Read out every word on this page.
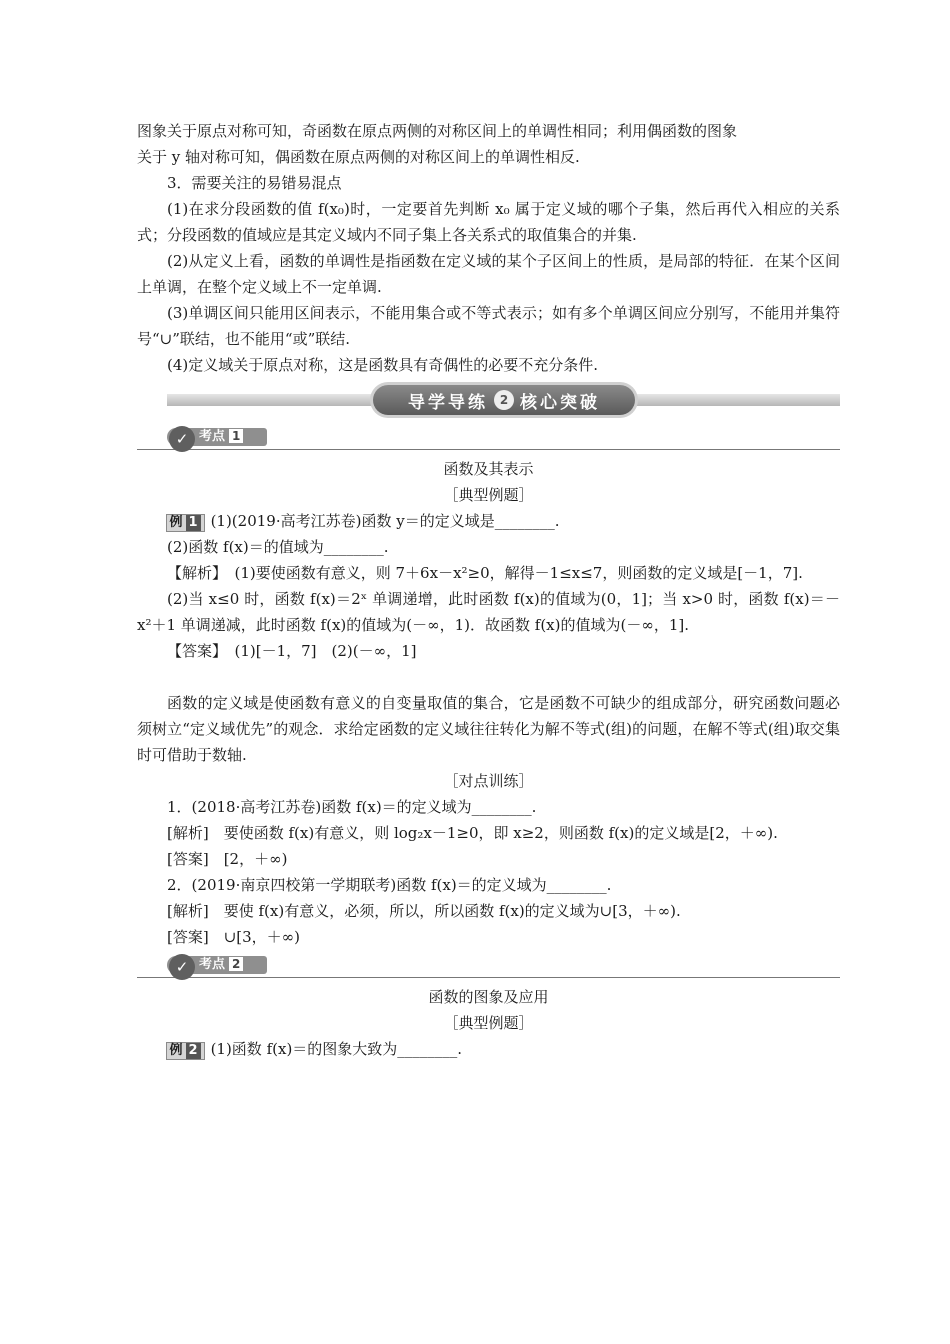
图象关于原点对称可知，奇函数在原点两侧的对称区间上的单调性相同；利用偶函数的图象

关于 y 轴对称可知，偶函数在原点两侧的对称区间上的单调性相反.

3．需要关注的易错易混点

(1)在求分段函数的值 f(x₀)时，一定要首先判断 x₀ 属于定义域的哪个子集，然后再代入相应的关系式；分段函数的值域应是其定义域内不同子集上各关系式的取值集合的并集.

(2)从定义上看，函数的单调性是指函数在定义域的某个子区间上的性质，是局部的特征．在某个区间上单调，在整个定义域上不一定单调.

(3)单调区间只能用区间表示，不能用集合或不等式表示；如有多个单调区间应分别写，不能用并集符号“∪”联结，也不能用“或”联结.

(4)定义域关于原点对称，这是函数具有奇偶性的必要不充分条件.

导学导练 2 核心突破
考点 1
✓

函数及其表示

［典型例题］

例 1 (1)(2019·高考江苏卷)函数 y＝的定义域是________.

(2)函数 f(x)＝的值域为________.

【解析】　(1)要使函数有意义，则 7＋6x－x²≥0，解得－1≤x≤7，则函数的定义域是[－1，7].

(2)当 x≤0 时，函数 f(x)＝2ˣ 单调递增，此时函数 f(x)的值域为(0，1]；当 x>0 时，函数 f(x)＝－x²＋1 单调递减，此时函数 f(x)的值域为(－∞，1)．故函数 f(x)的值域为(－∞，1].

【答案】　(1)[－1，7]　(2)(－∞，1]

函数的定义域是使函数有意义的自变量取值的集合，它是函数不可缺少的组成部分，研究函数问题必须树立“定义域优先”的观念．求给定函数的定义域往往转化为解不等式(组)的问题，在解不等式(组)取交集时可借助于数轴.

［对点训练］

1．(2018·高考江苏卷)函数 f(x)＝的定义域为________.

[解析]　要使函数 f(x)有意义，则 log₂x－1≥0，即 x≥2，则函数 f(x)的定义域是[2，＋∞).

[答案]　[2，＋∞)

2．(2019·南京四校第一学期联考)函数 f(x)＝的定义域为________.

[解析]　要使 f(x)有意义，必须，所以，所以函数 f(x)的定义域为∪[3，＋∞).

[答案]　∪[3，＋∞)

考点 2
✓

函数的图象及应用

［典型例题］

例 2 (1)函数 f(x)＝的图象大致为________.
